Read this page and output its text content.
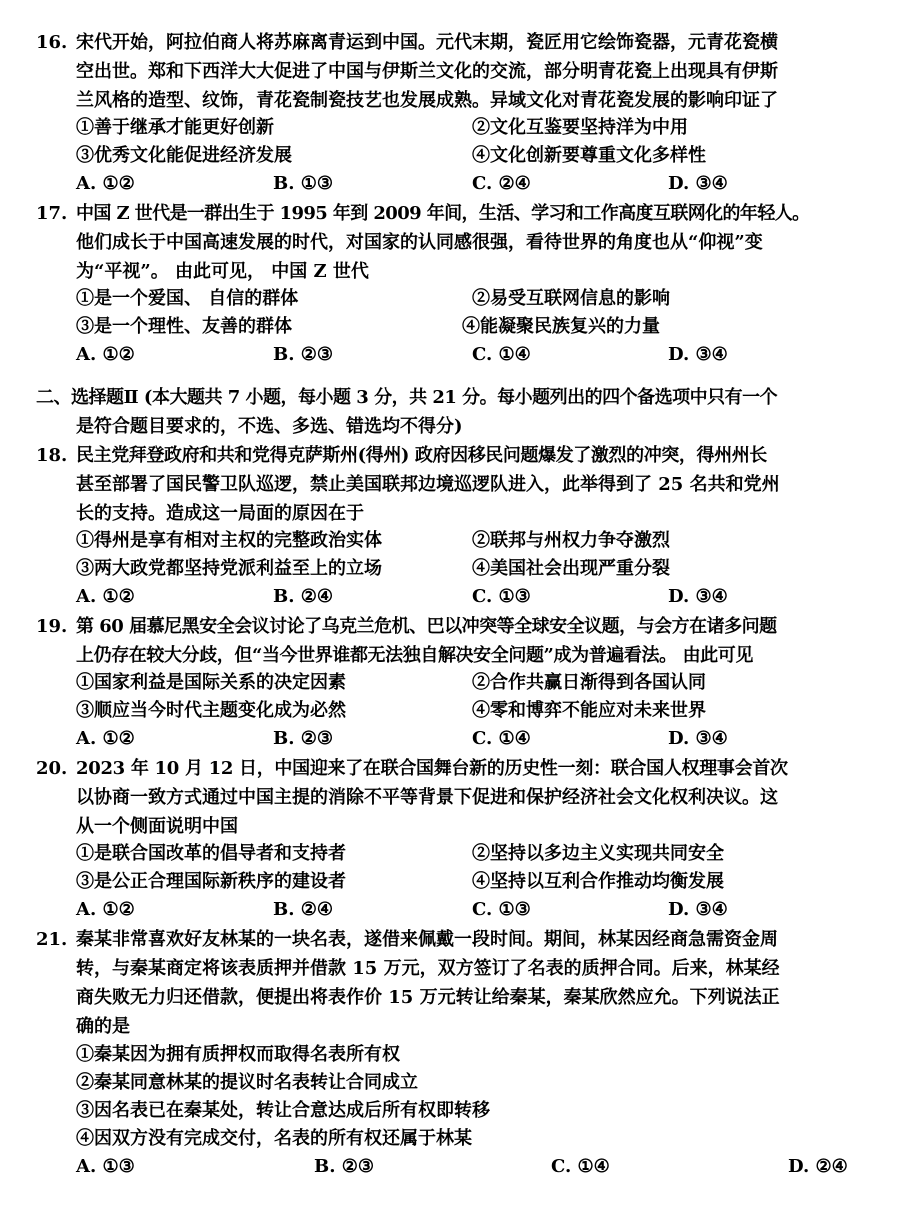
16. 宋代开始，阿拉伯商人将苏麻离青运到中国。元代末期，瓷匠用它绘饰瓷器，元青花瓷横
空出世。郑和下西洋大大促进了中国与伊斯兰文化的交流，部分明青花瓷上出现具有伊斯
兰风格的造型、纹饰，青花瓷制瓷技艺也发展成熟。异域文化对青花瓷发展的影响印证了
①善于继承才能更好创新	②文化互鉴要坚持洋为中用
③优秀文化能促进经济发展	④文化创新要尊重文化多样性
A. ①②	B. ①③	C. ②④	D. ③④
17. 中国 Z 世代是一群出生于 1995 年到 2009 年间，生活、学习和工作高度互联网化的年轻人。
他们成长于中国高速发展的时代，对国家的认同感很强，看待世界的角度也从“仰视”变
为“平视”。 由此可见， 中国 Z 世代
①是一个爱国、 自信的群体	②易受互联网信息的影响
③是一个理性、友善的群体	④能凝聚民族复兴的力量
A. ①②	B. ②③	C. ①④	D. ③④
二、选择题Ⅱ (本大题共 7 小题，每小题 3 分，共 21 分。每小题列出的四个备选项中只有一个
是符合题目要求的，不选、多选、错选均不得分)
18. 民主党拜登政府和共和党得克萨斯州(得州) 政府因移民问题爆发了激烈的冲突，得州州长
甚至部署了国民警卫队巡逻，禁止美国联邦边境巡逻队进入，此举得到了 25 名共和党州
长的支持。造成这一局面的原因在于
①得州是享有相对主权的完整政治实体	②联邦与州权力争夺激烈
③两大政党都坚持党派利益至上的立场	④美国社会出现严重分裂
A. ①②	B. ②④	C. ①③	D. ③④
19. 第 60 届慕尼黑安全会议讨论了乌克兰危机、巴以冲突等全球安全议题，与会方在诸多问题
上仍存在较大分歧，但“当今世界谁都无法独自解决安全问题”成为普遍看法。 由此可见
①国家利益是国际关系的决定因素	②合作共赢日渐得到各国认同
③顺应当今时代主题变化成为必然	④零和博弈不能应对未来世界
A. ①②	B. ②③	C. ①④	D. ③④
20. 2023 年 10 月 12 日，中国迎来了在联合国舞台新的历史性一刻：联合国人权理事会首次
以协商一致方式通过中国主提的消除不平等背景下促进和保护经济社会文化权利决议。这
从一个侧面说明中国
①是联合国改革的倡导者和支持者	②坚持以多边主义实现共同安全
③是公正合理国际新秩序的建设者	④坚持以互利合作推动均衡发展
A. ①②	B. ②④	C. ①③	D. ③④
21. 秦某非常喜欢好友林某的一块名表，遂借来佩戴一段时间。期间，林某因经商急需资金周
转，与秦某商定将该表质押并借款 15 万元，双方签订了名表的质押合同。后来，林某经
商失败无力归还借款，便提出将表作价 15 万元转让给秦某，秦某欣然应允。下列说法正
确的是
①秦某因为拥有质押权而取得名表所有权
②秦某同意林某的提议时名表转让合同成立
③因名表已在秦某处，转让合意达成后所有权即转移
④因双方没有完成交付，名表的所有权还属于林某
A. ①③	B. ②③	C. ①④	D. ②④
